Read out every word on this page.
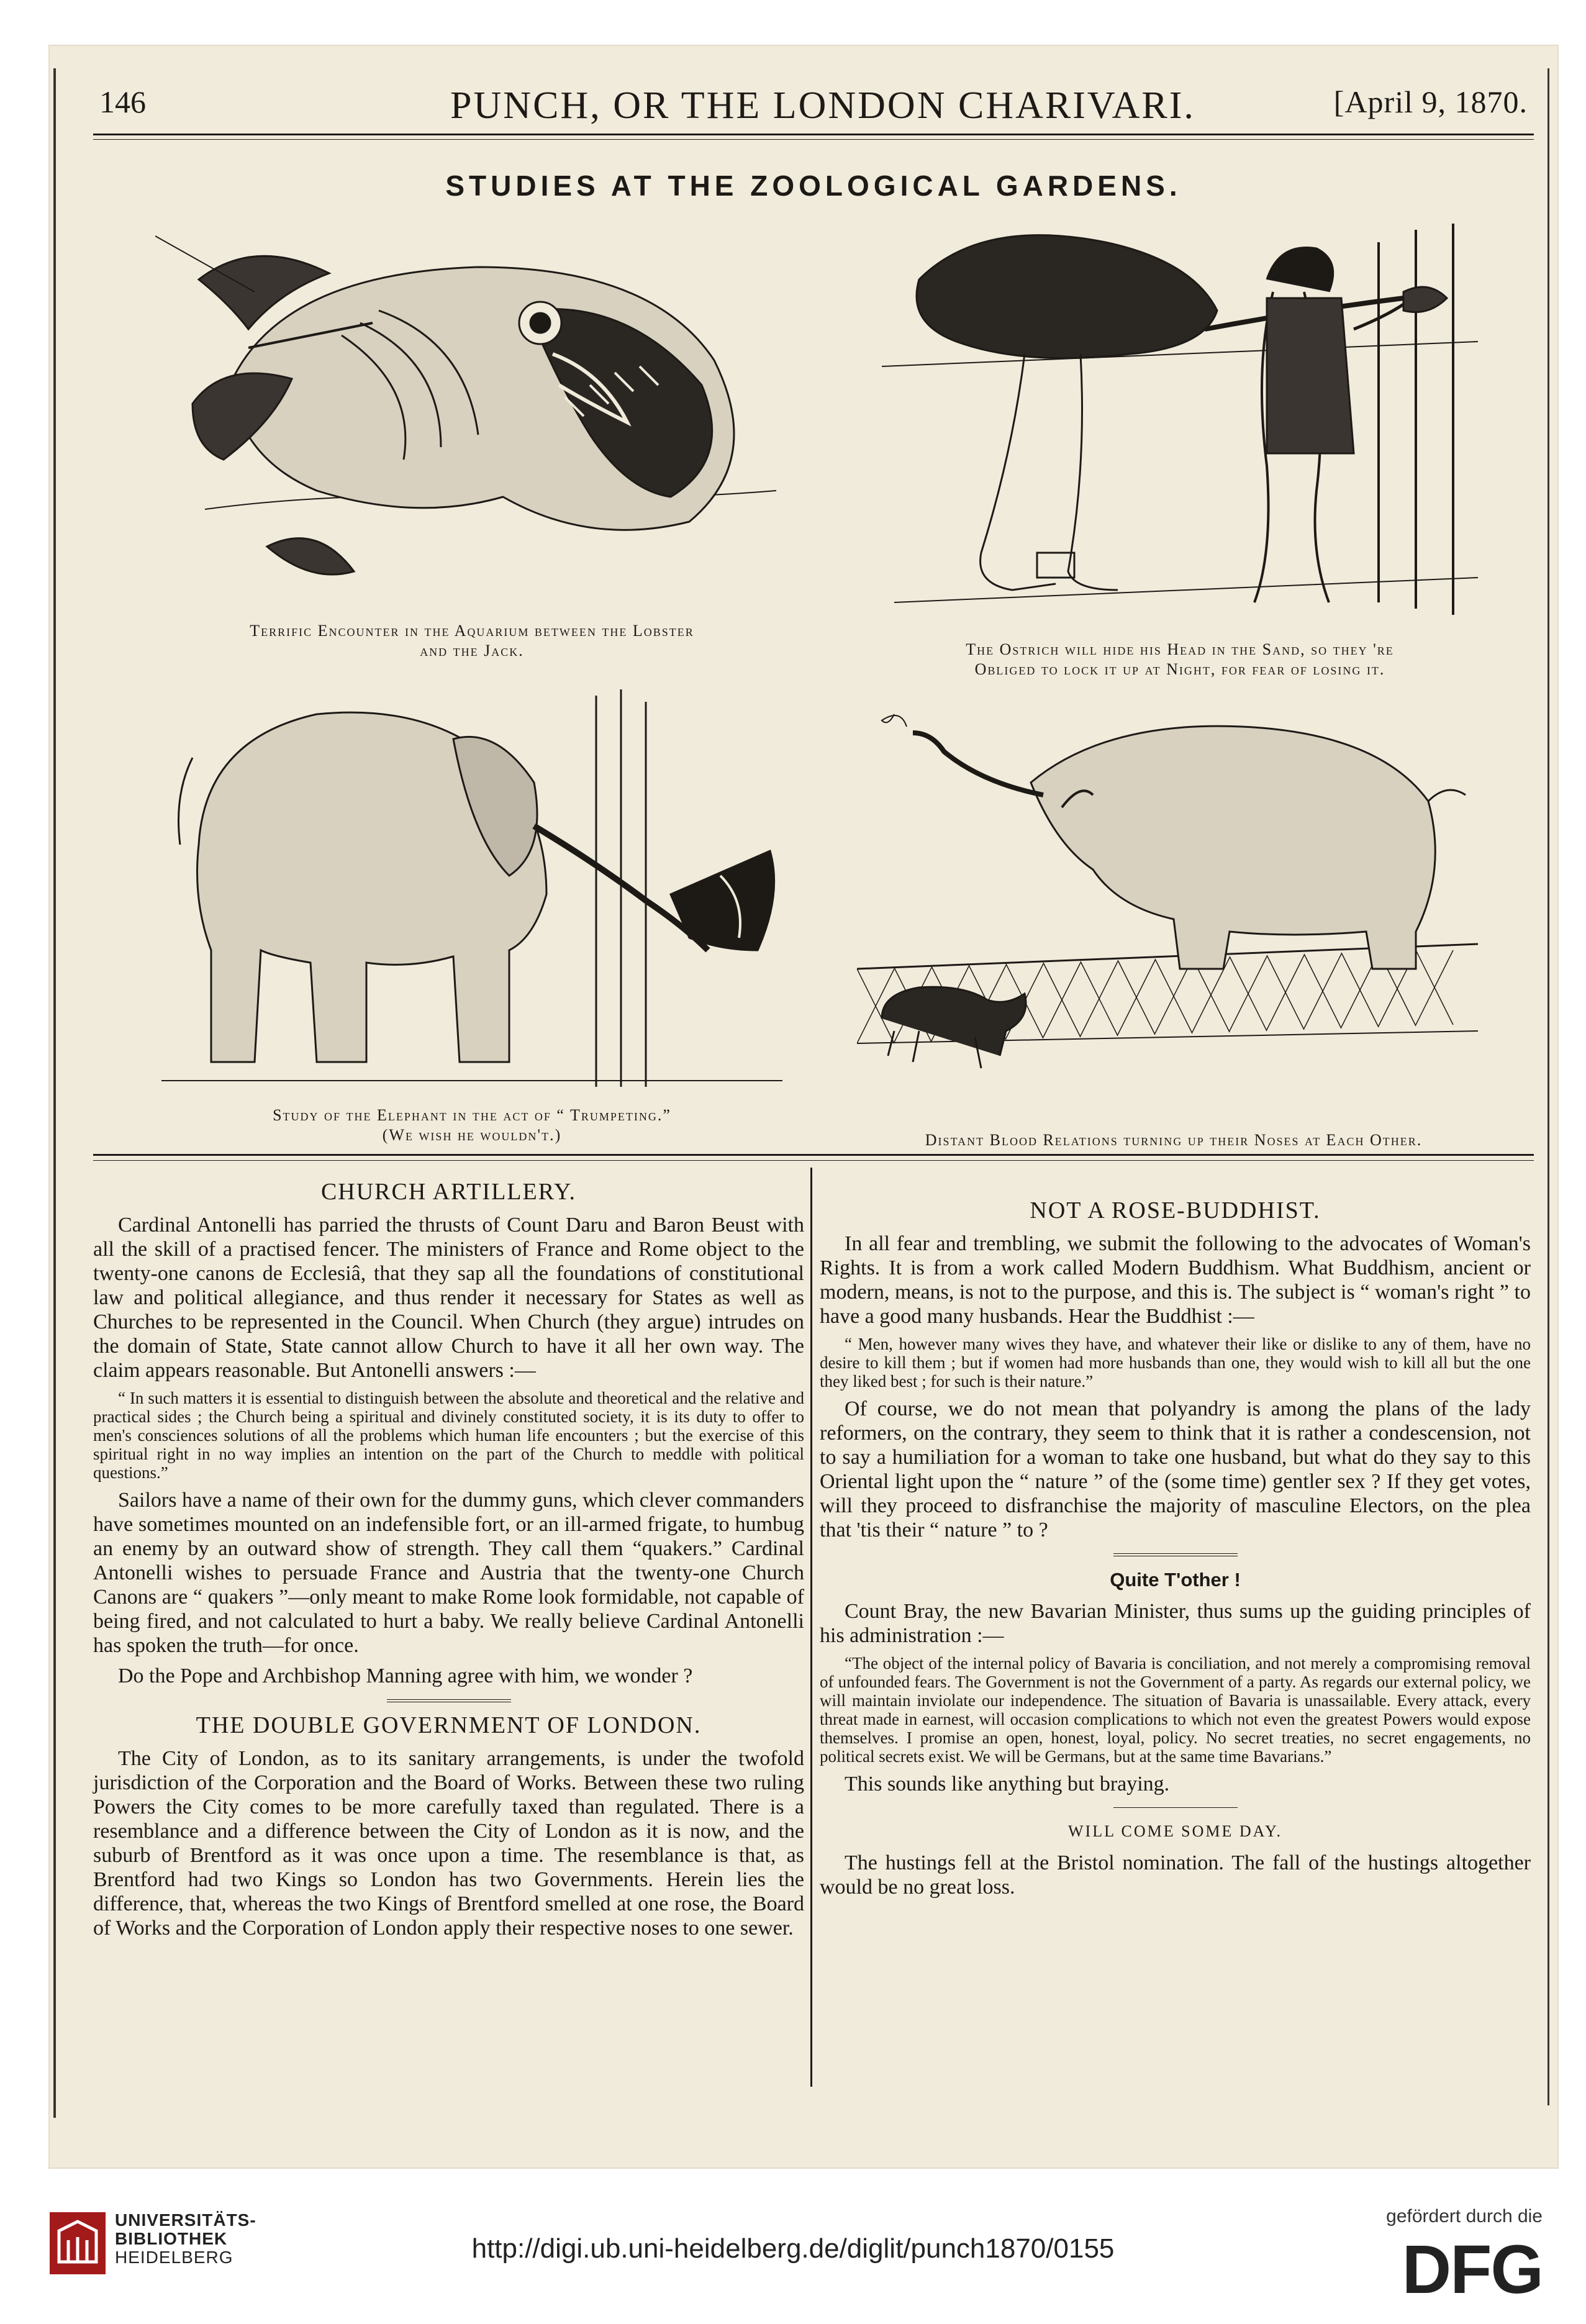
146	PUNCH, OR THE LONDON CHARIVARI.	[April 9, 1870.
STUDIES AT THE ZOOLOGICAL GARDENS.
Terrific Encounter in the Aquarium between the Lobster
and the Jack.	The Ostrich will hide his Head in the Sand, so they 're
Obliged to lock it up at Night, for fear of losing it.
Study of the Elephant in the act of “ Trumpeting.”
(We wish he wouldn't.)	Distant Blood Relations turning up their Noses at Each Other.
CHURCH ARTILLERY.

Cardinal Antonelli has parried the thrusts of Count Daru and Baron Beust with all the skill of a practised fencer. The ministers of France and Rome object to the twenty-one canons de Ecclesiâ, that they sap all the foundations of constitutional law and political allegiance, and thus render it necessary for States as well as Churches to be represented in the Council. When Church (they argue) intrudes on the domain of State, State cannot allow Church to have it all her own way. The claim appears reasonable. But Antonelli answers :—

“ In such matters it is essential to distinguish between the absolute and theoretical and the relative and practical sides ; the Church being a spiritual and divinely constituted society, it is its duty to offer to men's consciences solutions of all the problems which human life encounters ; but the exercise of this spiritual right in no way implies an intention on the part of the Church to meddle with political questions.”

Sailors have a name of their own for the dummy guns, which clever commanders have sometimes mounted on an indefensible fort, or an ill-armed frigate, to humbug an enemy by an outward show of strength. They call them “quakers.” Cardinal Antonelli wishes to persuade France and Austria that the twenty-one Church Canons are “ quakers ”—only meant to make Rome look formidable, not capable of being fired, and not calculated to hurt a baby. We really believe Cardinal Antonelli has spoken the truth—for once.

Do the Pope and Archbishop Manning agree with him, we wonder ?

THE DOUBLE GOVERNMENT OF LONDON.

The City of London, as to its sanitary arrangements, is under the twofold jurisdiction of the Corporation and the Board of Works. Between these two ruling Powers the City comes to be more carefully taxed than regulated. There is a resemblance and a difference between the City of London as it is now, and the suburb of Brentford as it was once upon a time. The resemblance is that, as Brentford had two Kings so London has two Governments. Herein lies the difference, that, whereas the two Kings of Brentford smelled at one rose, the Board of Works and the Corporation of London apply their respective noses to one sewer.

NOT A ROSE-BUDDHIST.

In all fear and trembling, we submit the following to the advocates of Woman's Rights. It is from a work called Modern Buddhism. What Buddhism, ancient or modern, means, is not to the purpose, and this is. The subject is “ woman's right ” to have a good many husbands. Hear the Buddhist :—

“ Men, however many wives they have, and whatever their like or dislike to any of them, have no desire to kill them ; but if women had more husbands than one, they would wish to kill all but the one they liked best ; for such is their nature.”

Of course, we do not mean that polyandry is among the plans of the lady reformers, on the contrary, they seem to think that it is rather a condescension, not to say a humiliation for a woman to take one husband, but what do they say to this Oriental light upon the “ nature ” of the (some time) gentler sex ? If they get votes, will they proceed to disfranchise the majority of masculine Electors, on the plea that 'tis their “ nature ” to ?

Quite T'other !

Count Bray, the new Bavarian Minister, thus sums up the guiding principles of his administration :—

“The object of the internal policy of Bavaria is conciliation, and not merely a compromising removal of unfounded fears. The Government is not the Government of a party. As regards our external policy, we will maintain inviolate our independence. The situation of Bavaria is unassailable. Every attack, every threat made in earnest, will occasion complications to which not even the greatest Powers would expose themselves. I promise an open, honest, loyal, policy. No secret treaties, no secret engagements, no political secrets exist. We will be Germans, but at the same time Bavarians.”

This sounds like anything but braying.

WILL COME SOME DAY.

The hustings fell at the Bristol nomination. The fall of the hustings altogether would be no great loss.

UNIVERSITÄTS-
BIBLIOTHEK
HEIDELBERG	http://digi.ub.uni-heidelberg.de/diglit/punch1870/0155
gefördert durch die
DFG
